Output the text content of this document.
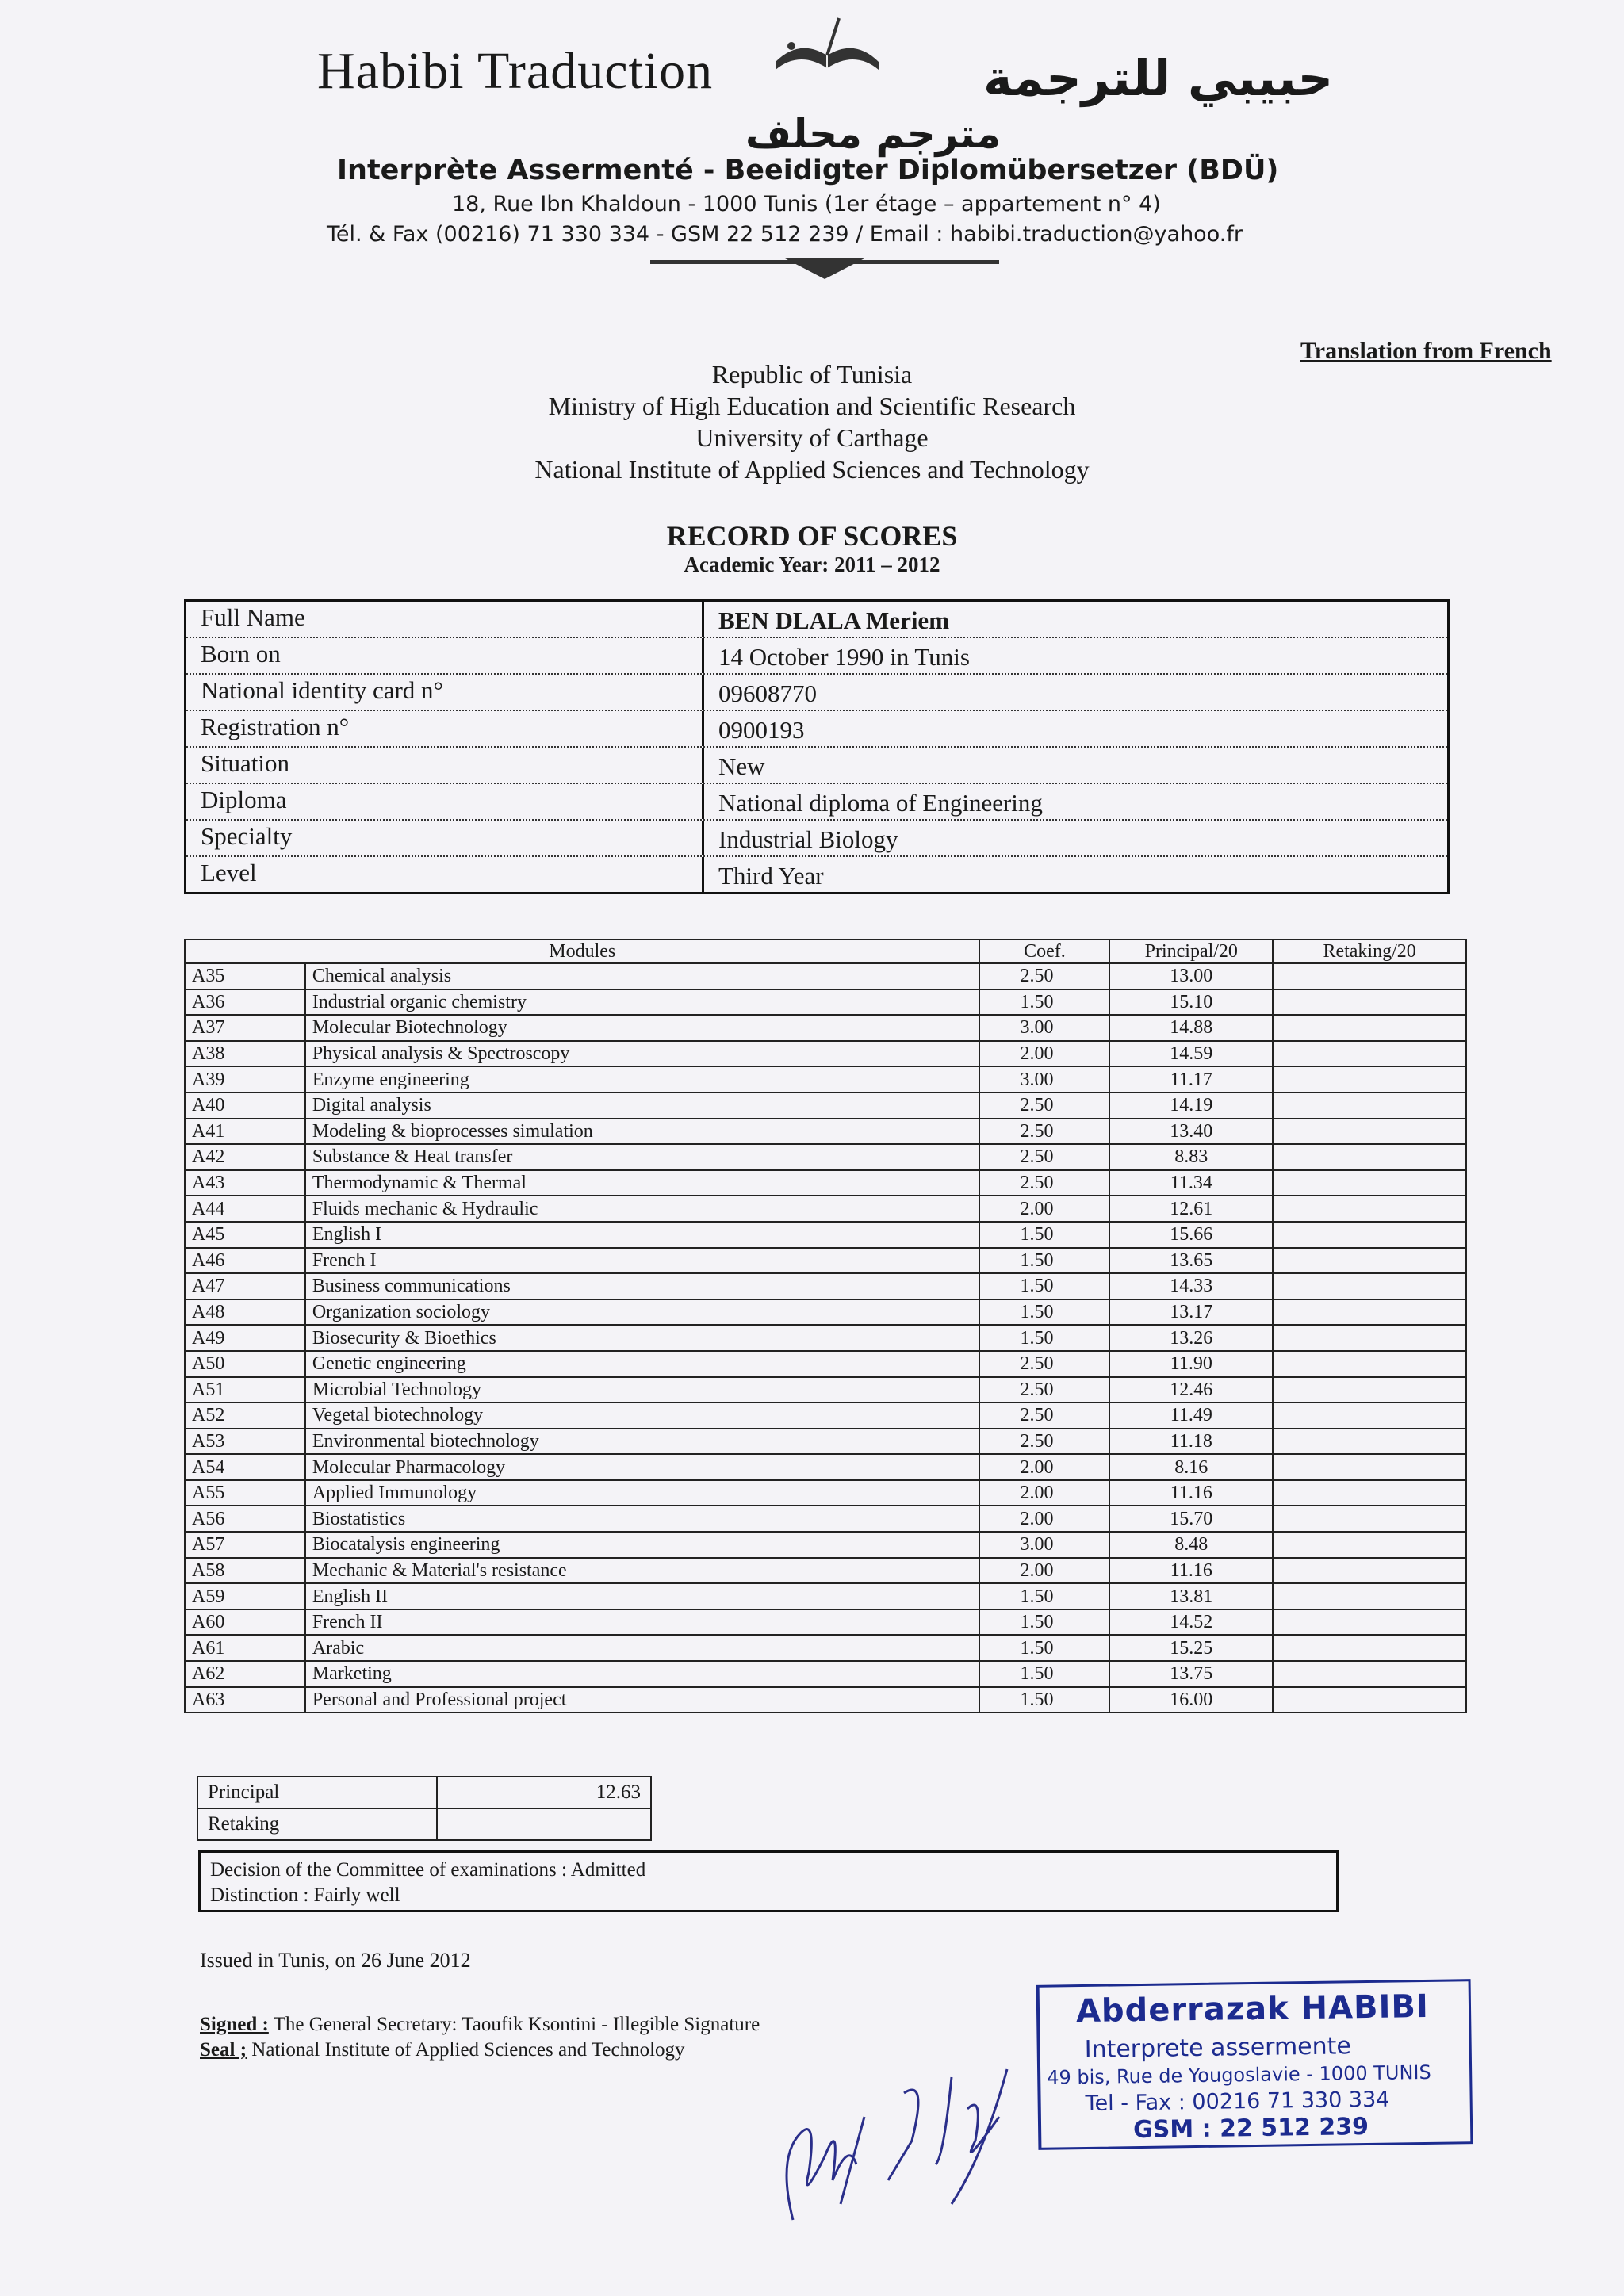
Habibi Traduction	حبيبي للترجمة
مترجم محلف
Interprète Assermenté - Beeidigter Diplomübersetzer (BDÜ)
18, Rue Ibn Khaldoun - 1000 Tunis (1er étage – appartement n° 4)
Tél. & Fax (00216) 71 330 334 - GSM 22 512 239 / Email : habibi.traduction@yahoo.fr
Translation from French
Republic of Tunisia
Ministry of High Education and Scientific Research
University of Carthage
National Institute of Applied Sciences and Technology
RECORD OF SCORES
Academic Year: 2011 – 2012
Full Name	BEN DLALA Meriem
Born on	14 October 1990 in Tunis
National identity card n°	09608770
Registration n°	0900193
Situation	New
Diploma	National diploma of Engineering
Specialty	Industrial Biology
Level	Third Year
Modules		Coef.	Principal/20	Retaking/20
A35	Chemical analysis	2.50	13.00	
A36	Industrial organic chemistry	1.50	15.10	
A37	Molecular Biotechnology	3.00	14.88	
A38	Physical analysis & Spectroscopy	2.00	14.59	
A39	Enzyme engineering	3.00	11.17	
A40	Digital analysis	2.50	14.19	
A41	Modeling & bioprocesses simulation	2.50	13.40	
A42	Substance & Heat transfer	2.50	8.83	
A43	Thermodynamic & Thermal	2.50	11.34	
A44	Fluids mechanic & Hydraulic	2.00	12.61	
A45	English I	1.50	15.66	
A46	French I	1.50	13.65	
A47	Business communications	1.50	14.33	
A48	Organization sociology	1.50	13.17	
A49	Biosecurity & Bioethics	1.50	13.26	
A50	Genetic engineering	2.50	11.90	
A51	Microbial Technology	2.50	12.46	
A52	Vegetal biotechnology	2.50	11.49	
A53	Environmental biotechnology	2.50	11.18	
A54	Molecular Pharmacology	2.00	8.16	
A55	Applied Immunology	2.00	11.16	
A56	Biostatistics	2.00	15.70	
A57	Biocatalysis engineering	3.00	8.48	
A58	Mechanic & Material's resistance	2.00	11.16	
A59	English II	1.50	13.81	
A60	French II	1.50	14.52	
A61	Arabic	1.50	15.25	
A62	Marketing	1.50	13.75	
A63	Personal and Professional project	1.50	16.00	
Principal	12.63
Retaking	
Decision of the Committee of examinations : Admitted
Distinction : Fairly well
Issued in Tunis, on 26 June 2012
Signed : The General Secretary: Taoufik Ksontini - Illegible Signature
Seal ; National Institute of Applied Sciences and Technology
Abderrazak HABIBI
Interprete assermente
49 bis, Rue de Yougoslavie - 1000 TUNIS
Tel - Fax : 00216 71 330 334
GSM : 22 512 239
